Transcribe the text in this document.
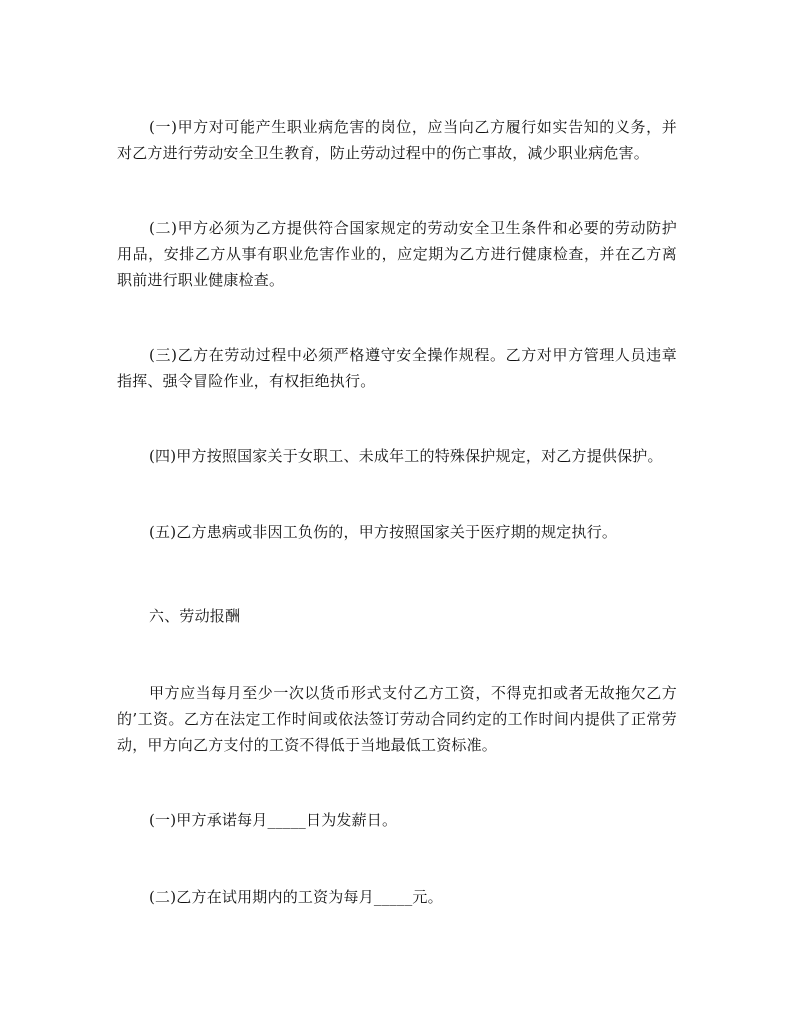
(一)甲方对可能产生职业病危害的岗位，应当向乙方履行如实告知的义务，并对乙方进行劳动安全卫生教育，防止劳动过程中的伤亡事故，减少职业病危害。

(二)甲方必须为乙方提供符合国家规定的劳动安全卫生条件和必要的劳动防护用品，安排乙方从事有职业危害作业的，应定期为乙方进行健康检查，并在乙方离职前进行职业健康检查。

(三)乙方在劳动过程中必须严格遵守安全操作规程。乙方对甲方管理人员违章指挥、强令冒险作业，有权拒绝执行。

(四)甲方按照国家关于女职工、未成年工的特殊保护规定，对乙方提供保护。

(五)乙方患病或非因工负伤的，甲方按照国家关于医疗期的规定执行。

六、劳动报酬

甲方应当每月至少一次以货币形式支付乙方工资，不得克扣或者无故拖欠乙方的’工资。乙方在法定工作时间或依法签订劳动合同约定的工作时间内提供了正常劳动，甲方向乙方支付的工资不得低于当地最低工资标准。

(一)甲方承诺每月_____日为发薪日。

(二)乙方在试用期内的工资为每月_____元。
